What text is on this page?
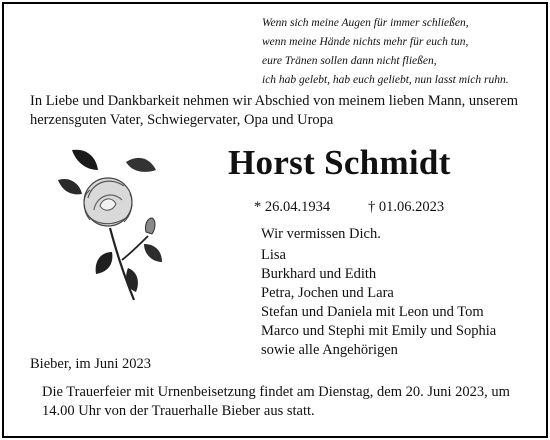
Wenn sich meine Augen für immer schließen,
wenn meine Hände nichts mehr für euch tun,
eure Tränen sollen dann nicht fließen,
ich hab gelebt, hab euch geliebt, nun lasst mich ruhn.
In Liebe und Dankbarkeit nehmen wir Abschied von meinem lieben Mann, unserem herzensguten Vater, Schwiegervater, Opa und Uropa
Horst Schmidt
* 26.04.1934	† 01.06.2023
Wir vermissen Dich.
Lisa
Burkhard und Edith
Petra, Jochen und Lara
Stefan und Daniela mit Leon und Tom
Marco und Stephi mit Emily und Sophia
sowie alle Angehörigen
Bieber, im Juni 2023
Die Trauerfeier mit Urnenbeisetzung findet am Dienstag, dem 20. Juni 2023, um 14.00 Uhr von der Trauerhalle Bieber aus statt.
